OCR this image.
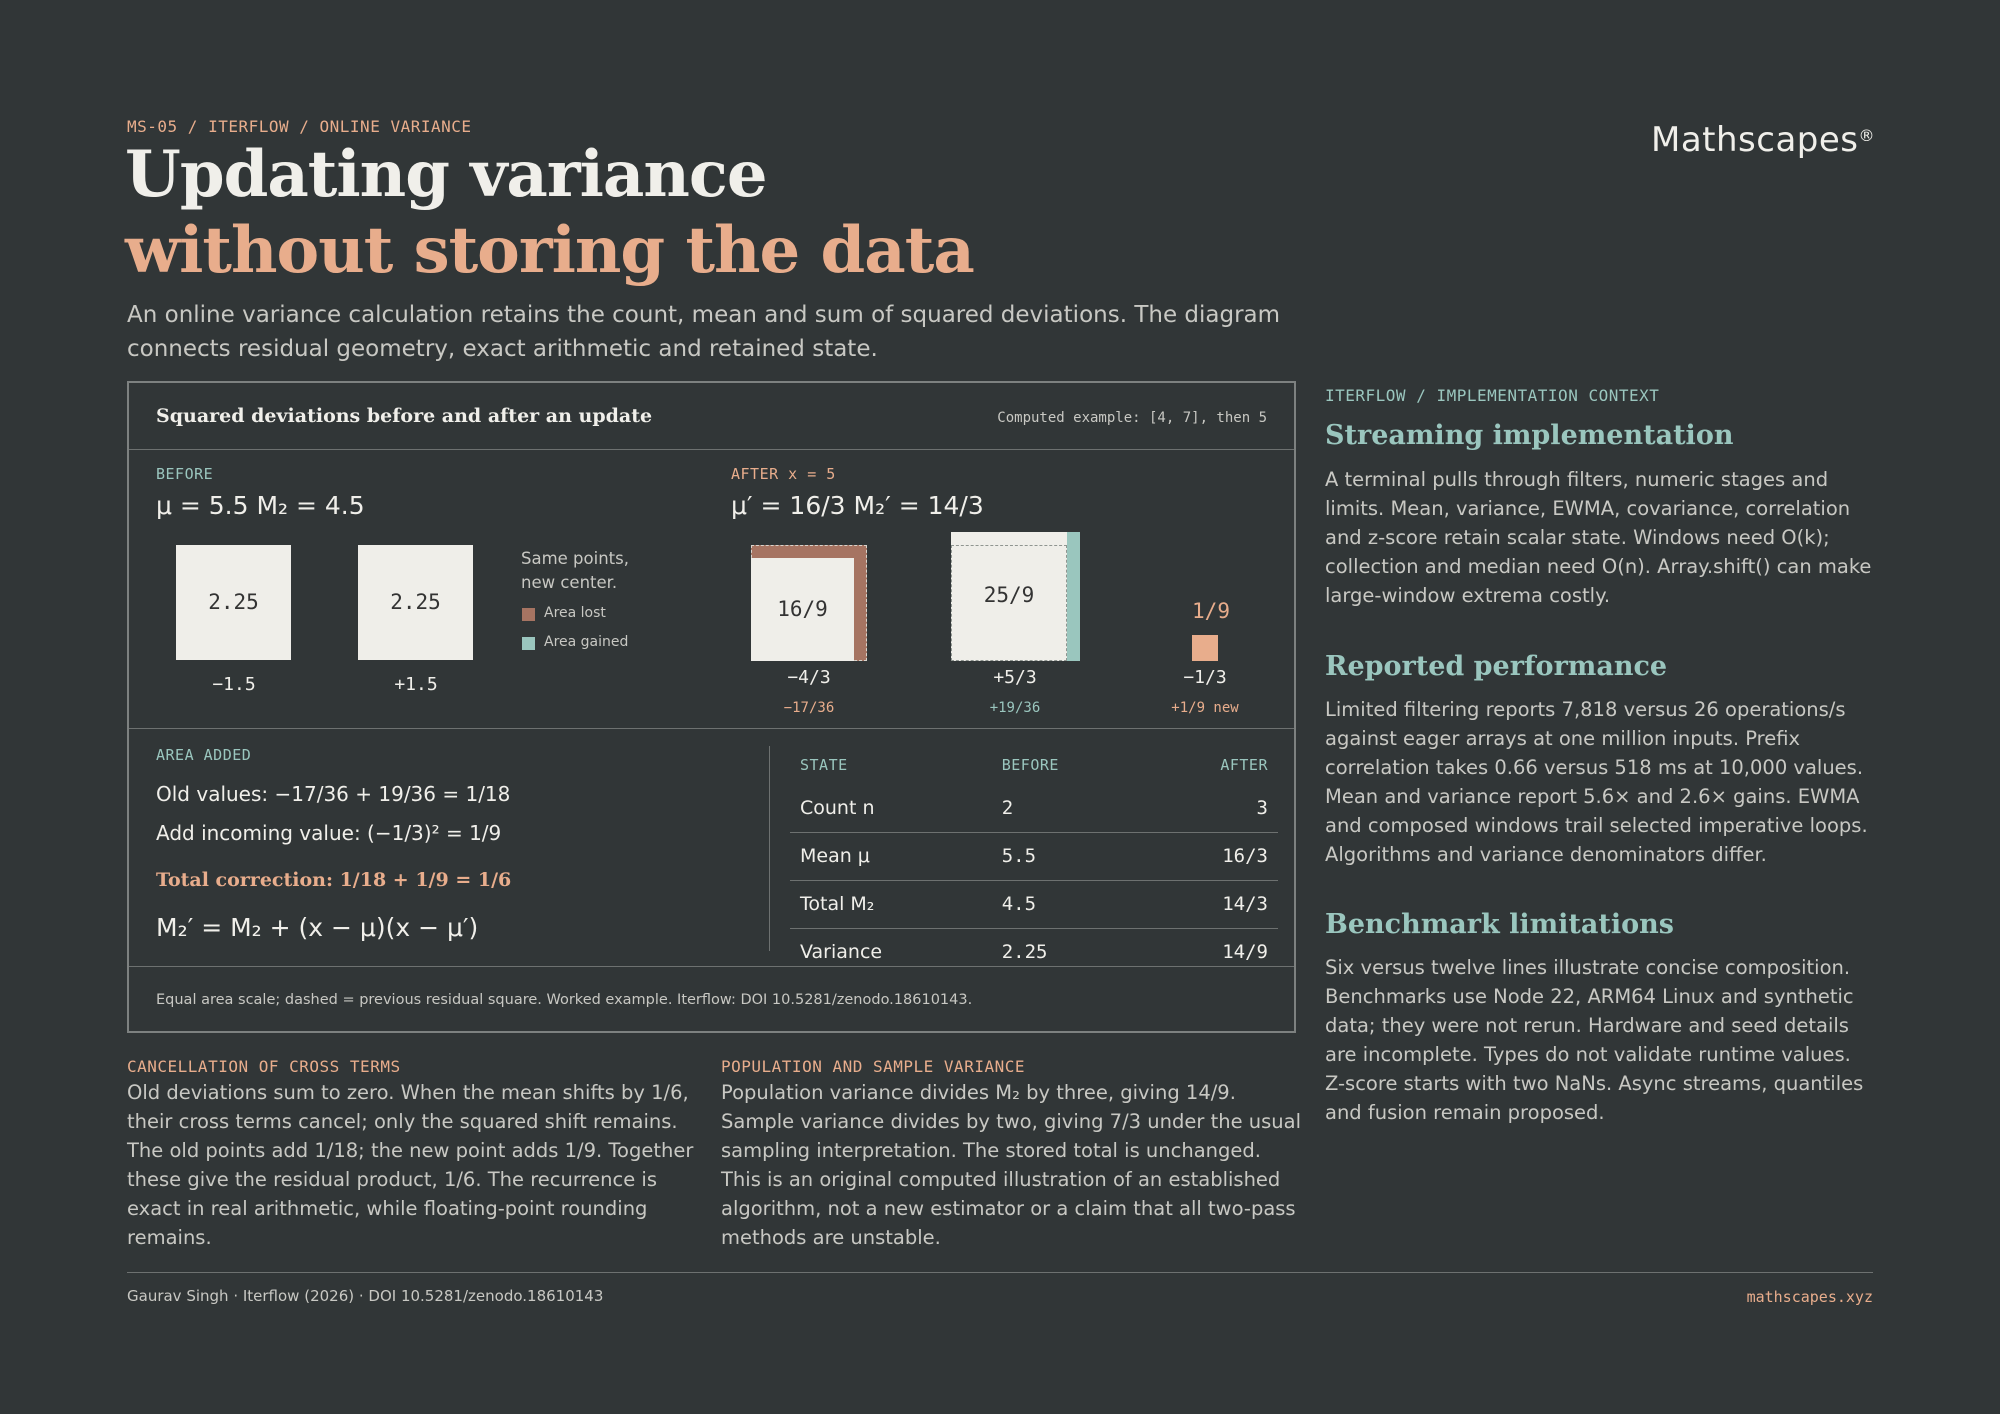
MS-05 / ITERFLOW / ONLINE VARIANCE	Mathscapes®
Updating variance
without storing the data
An online variance calculation retains the count, mean and sum of squared deviations. The diagram connects residual geometry, exact arithmetic and retained state.
Squared deviations before and after an update	Computed example: [4, 7], then 5
BEFORE
μ = 5.5 M₂ = 4.5
2.25
−1.5
2.25
+1.5
Same points,
new center.
Area lost
Area gained
AFTER x = 5
μ′ = 16/3 M₂′ = 14/3
16/9
−4/3
−17/36
25/9
+5/3
+19/36
1/9
−1/3
+1/9 new
AREA ADDED
Old values: −17/36 + 19/36 = 1/18
Add incoming value: (−1/3)² = 1/9
Total correction: 1/18 + 1/9 = 1/6
M₂′ = M₂ + (x − μ)(x − μ′)
STATE	BEFORE	AFTER
Count n	2	3
Mean μ	5.5	16/3
Total M₂	4.5	14/3
Variance	2.25	14/9
Equal area scale; dashed = previous residual square. Worked example. Iterflow: DOI 10.5281/zenodo.18610143.
CANCELLATION OF CROSS TERMS
Old deviations sum to zero. When the mean shifts by 1/6, their cross terms cancel; only the squared shift remains. The old points add 1/18; the new point adds 1/9. Together these give the residual product, 1/6. The recurrence is exact in real arithmetic, while floating-point rounding remains.
POPULATION AND SAMPLE VARIANCE
Population variance divides M₂ by three, giving 14/9. Sample variance divides by two, giving 7/3 under the usual sampling interpretation. The stored total is unchanged. This is an original computed illustration of an established algorithm, not a new estimator or a claim that all two-pass methods are unstable.
ITERFLOW / IMPLEMENTATION CONTEXT
Streaming implementation
A terminal pulls through filters, numeric stages and limits. Mean, variance, EWMA, covariance, correlation and z-score retain scalar state. Windows need O(k); collection and median need O(n). Array.shift() can make large-window extrema costly.
Reported performance
Limited filtering reports 7,818 versus 26 operations/s against eager arrays at one million inputs. Prefix correlation takes 0.66 versus 518 ms at 10,000 values. Mean and variance report 5.6× and 2.6× gains. EWMA and composed windows trail selected imperative loops. Algorithms and variance denominators differ.
Benchmark limitations
Six versus twelve lines illustrate concise composition. Benchmarks use Node 22, ARM64 Linux and synthetic data; they were not rerun. Hardware and seed details are incomplete. Types do not validate runtime values. Z-score starts with two NaNs. Async streams, quantiles and fusion remain proposed.
Gaurav Singh · Iterflow (2026) · DOI 10.5281/zenodo.18610143	mathscapes.xyz
